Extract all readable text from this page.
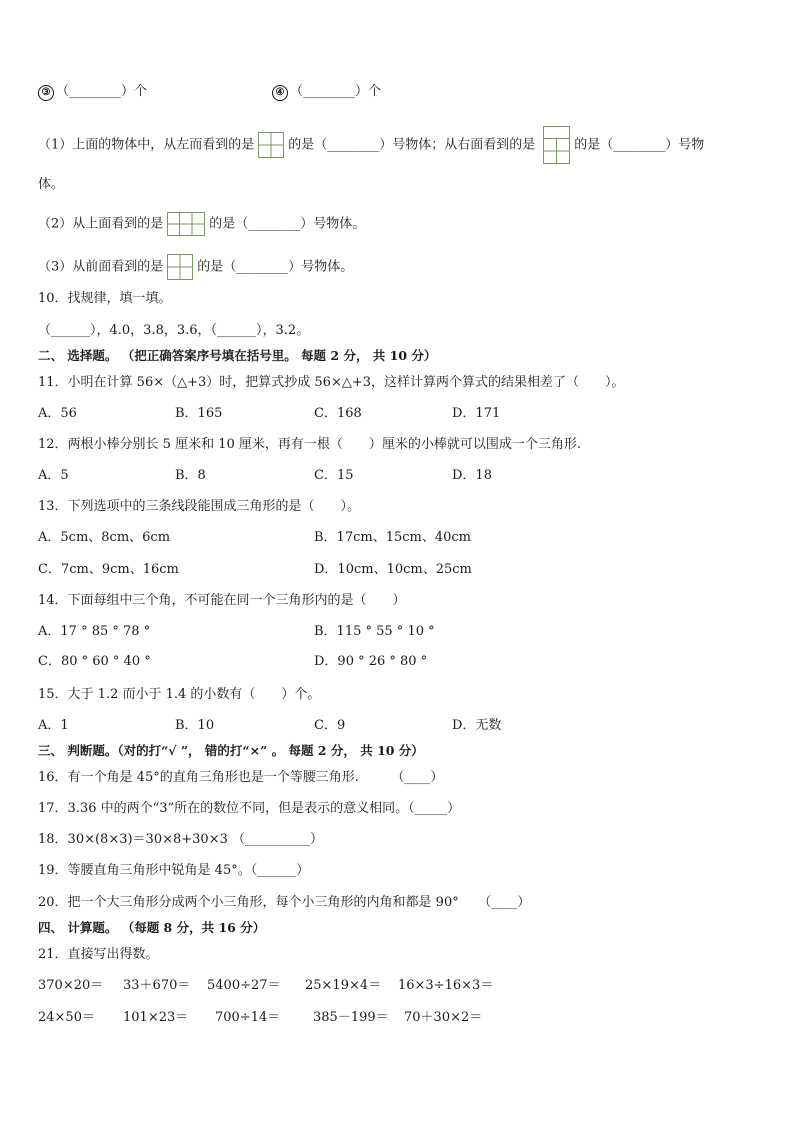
③ （________）个	④ （________）个
（1）上面的物体中，从左而看到的是	的是（________）号物体；从右面看到的是	的是（________）号物
体。
（2）从上面看到的是	的是（________）号物体。
（3）从前面看到的是	的是（________）号物体。
10．找规律，填一填。
（______），4.0，3.8，3.6，（______），3.2。
二、 选择题。 （把正确答案序号填在括号里。 每题 2 分， 共 10 分）
11．小明在计算 56×（△+3）时，把算式抄成 56×△+3，这样计算两个算式的结果相差了（　　）。
A．56	B．165	C．168	D．171
12．两根小棒分别长 5 厘米和 10 厘米，再有一根（　　）厘米的小棒就可以围成一个三角形.
A．5	B．8	C．15	D．18
13．下列选项中的三条线段能围成三角形的是（　　）。
A．5cm、8cm、6cm	B．17cm、15cm、40cm
C．7cm、9cm、16cm	D．10cm、10cm、25cm
14．下面每组中三个角，不可能在同一个三角形内的是（　　）
A．17 ° 85 ° 78 °	B．115 ° 55 ° 10 °
C．80 ° 60 ° 40 °	D．90 ° 26 ° 80 °
15．大于 1.2 而小于 1.4 的小数有（　　）个。
A．1	B．10	C．9	D．无数
三、 判断题。（对的打“√ ”， 错的打“×” 。 每题 2 分， 共 10 分）
16．有一个角是 45°的直角三角形也是一个等腰三角形.　　　（____）
17．3.36 中的两个“3”所在的数位不同，但是表示的意义相同。（_____）
18．30×(8×3)＝30×8+30×3 （__________）
19．等腰直角三角形中锐角是 45°。（______）
20．把一个大三角形分成两个小三角形，每个小三角形的内角和都是 90°　　（____）
四、 计算题。 （每题 8 分，共 16 分）
21．直接写出得数。
370×20＝ 33＋670＝ 5400÷27＝ 25×19×4＝ 16×3÷16×3＝
24×50＝ 101×23＝ 700÷14＝	385－199＝ 70＋30×2＝
